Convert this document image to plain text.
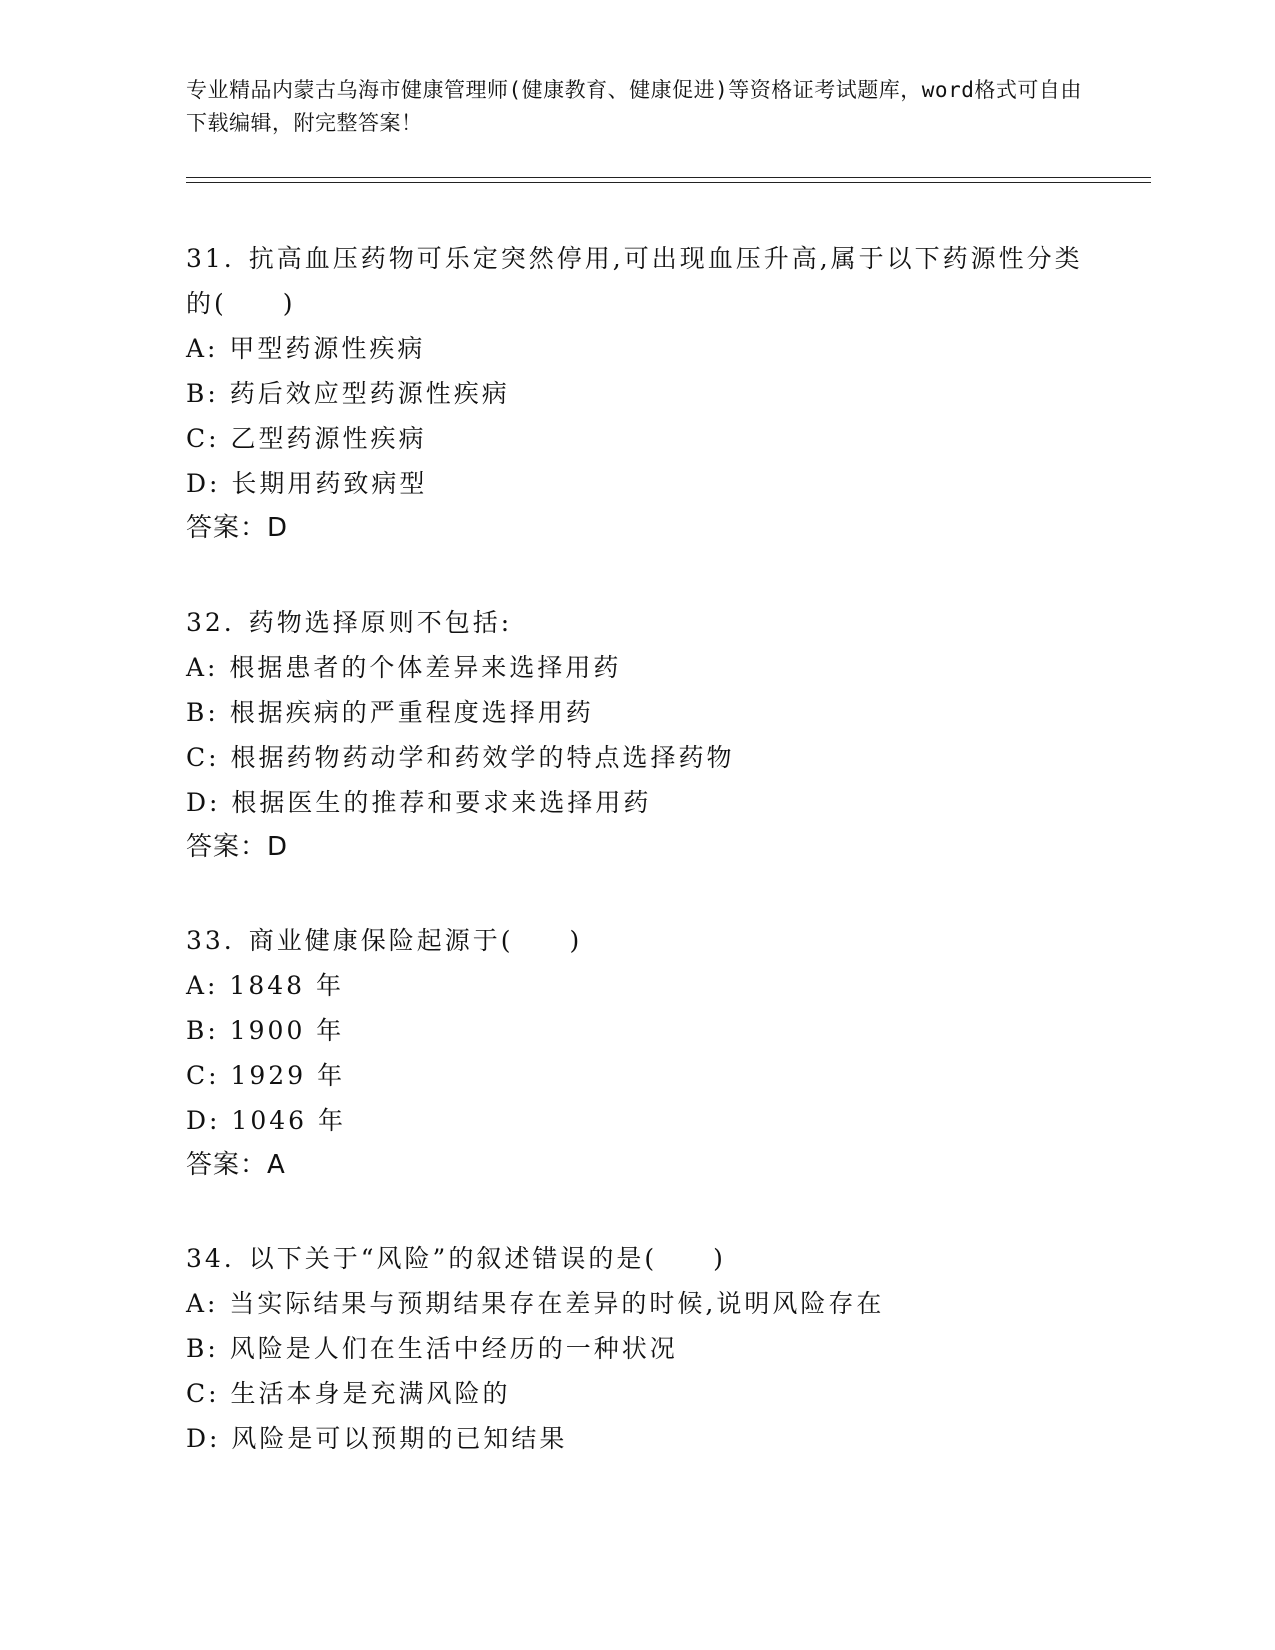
专业精品内蒙古乌海市健康管理师(健康教育、健康促进)等资格证考试题库，word格式可自由下载编辑，附完整答案！
31. 抗高血压药物可乐定突然停用,可出现血压升高,属于以下药源性分类的(　　)
A: 甲型药源性疾病
B: 药后效应型药源性疾病
C: 乙型药源性疾病
D: 长期用药致病型
答案：D
32. 药物选择原则不包括:
A: 根据患者的个体差异来选择用药
B: 根据疾病的严重程度选择用药
C: 根据药物药动学和药效学的特点选择药物
D: 根据医生的推荐和要求来选择用药
答案：D
33. 商业健康保险起源于(　　)
A: 1848 年
B: 1900 年
C: 1929 年
D: 1046 年
答案：A
34. 以下关于“风险”的叙述错误的是(　　)
A: 当实际结果与预期结果存在差异的时候,说明风险存在
B: 风险是人们在生活中经历的一种状况
C: 生活本身是充满风险的
D: 风险是可以预期的已知结果
